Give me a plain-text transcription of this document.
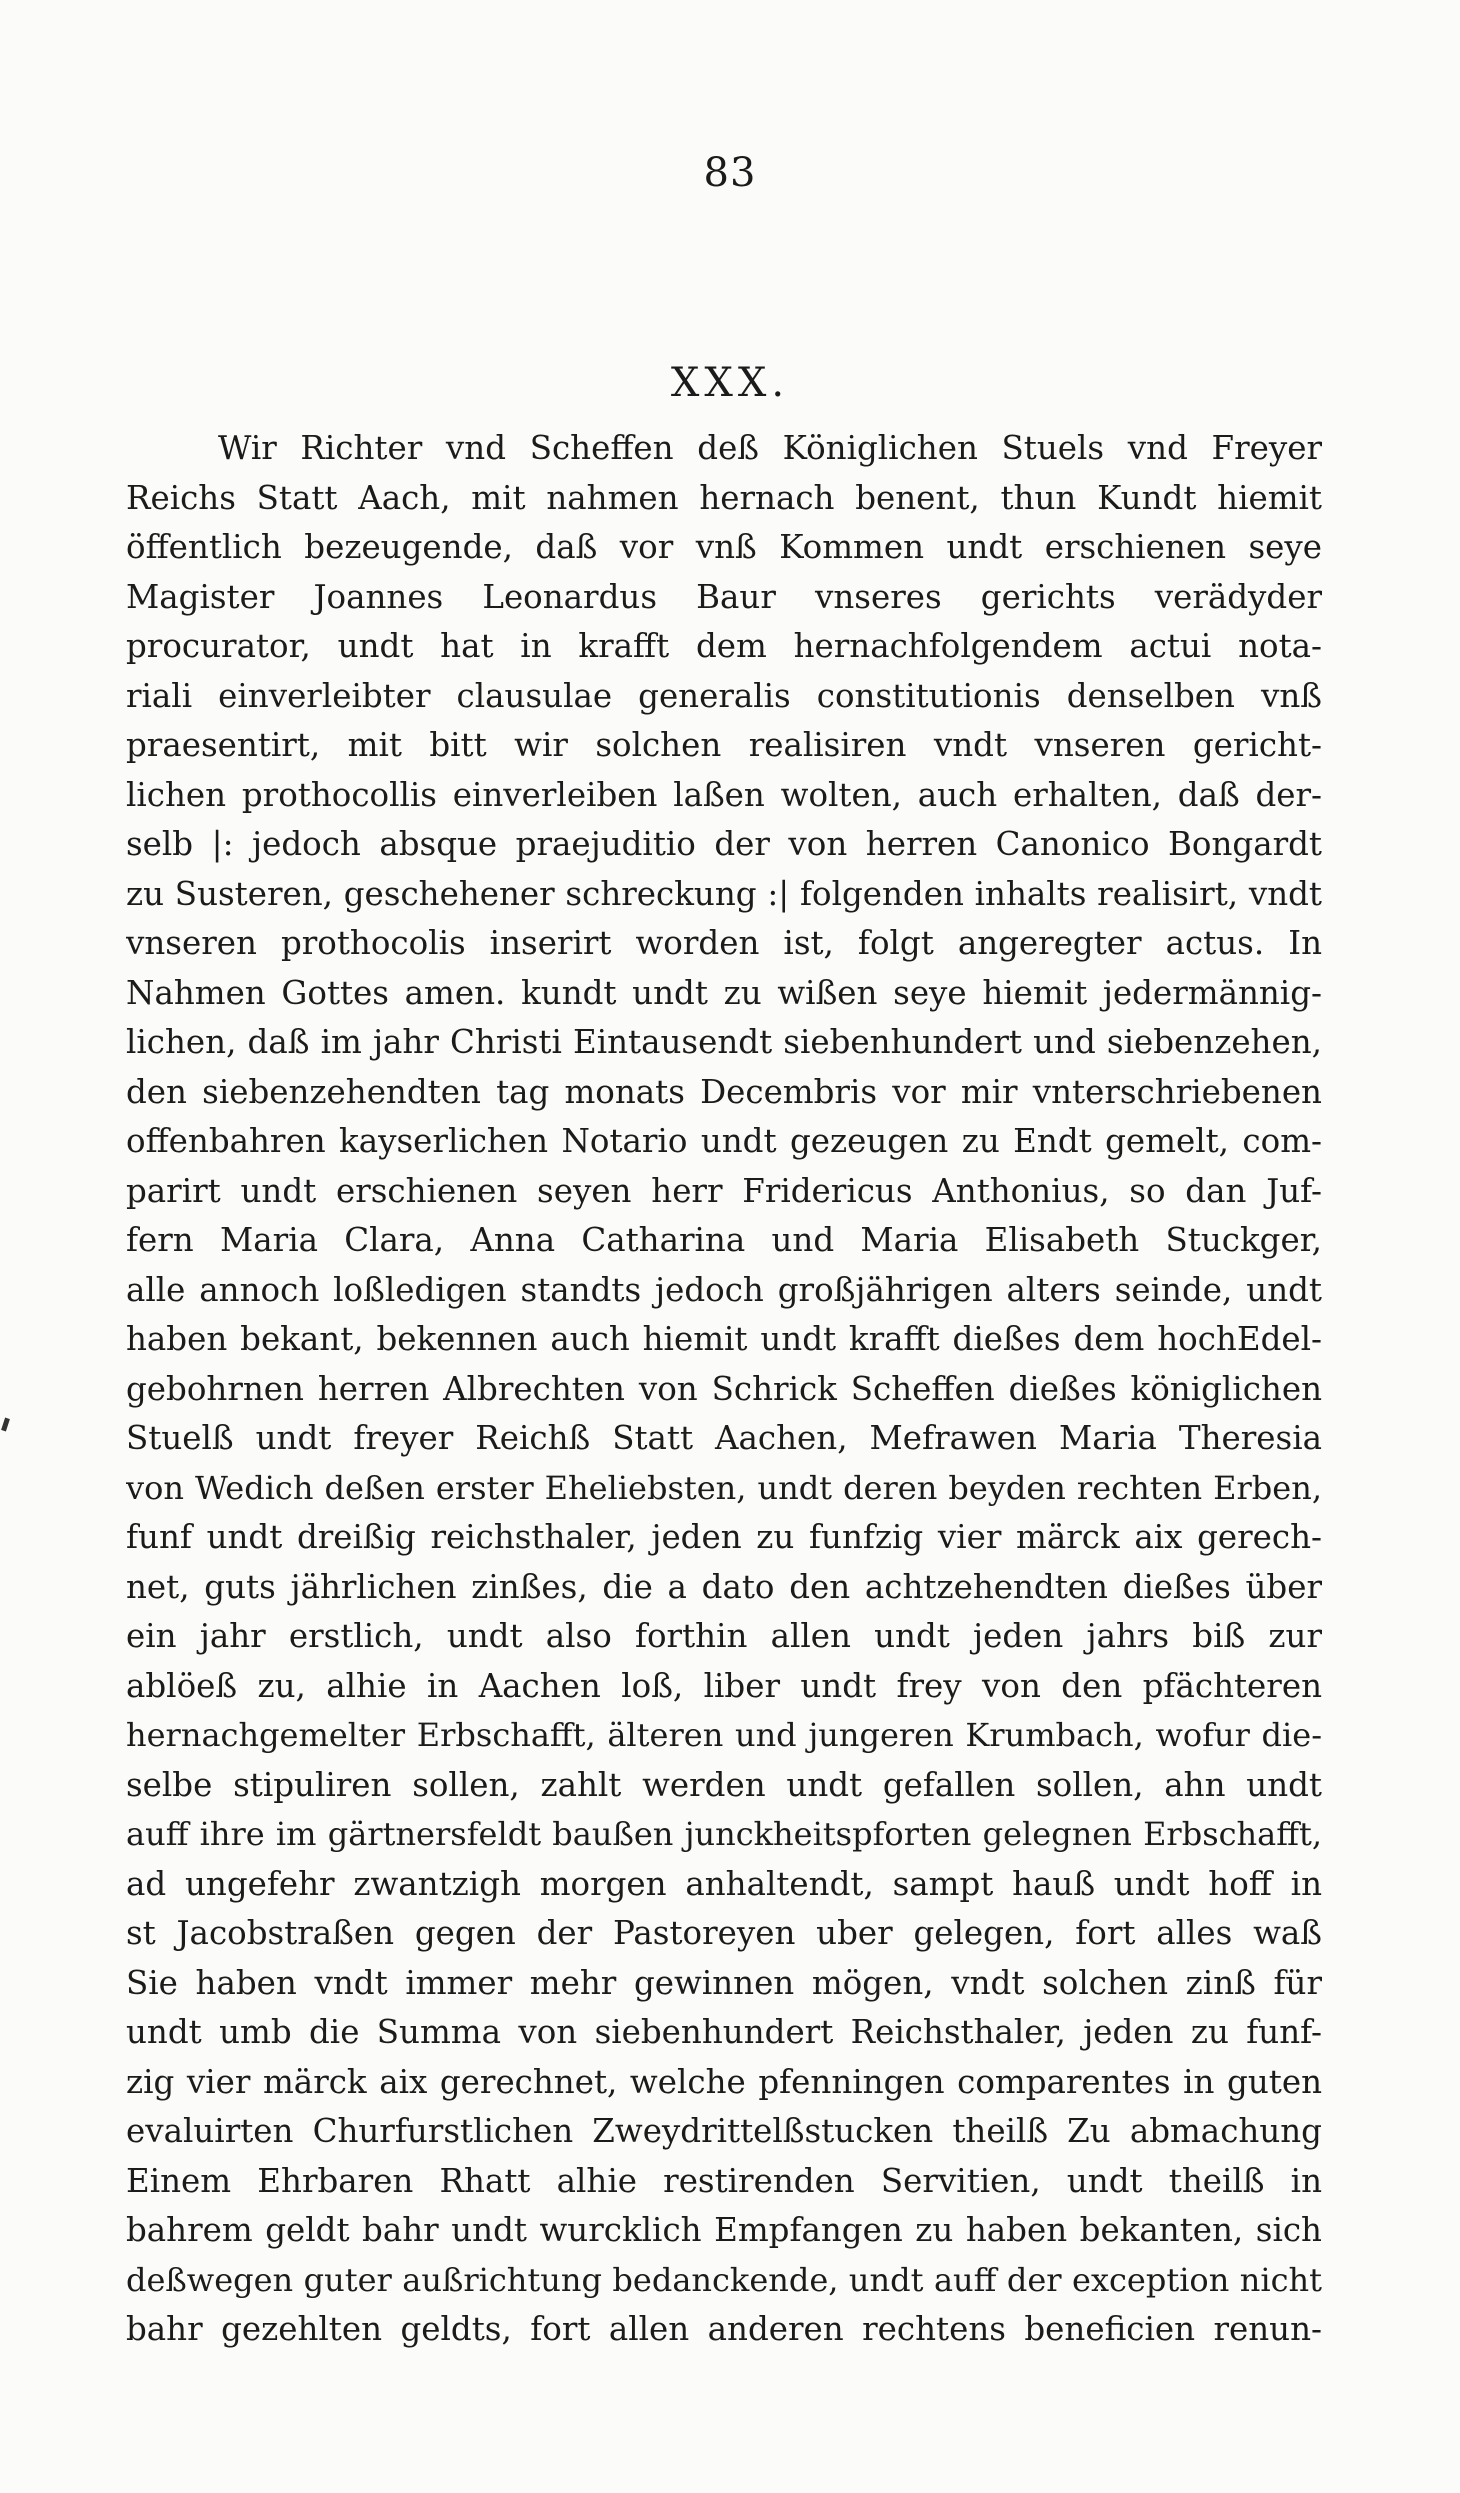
83
XXX.
Wir Richter vnd Scheffen deß Königlichen Stuels vnd Freyer
Reichs Statt Aach, mit nahmen hernach benent, thun Kundt hiemit
öffentlich bezeugende, daß vor vnß Kommen undt erschienen seye
Magister Joannes Leonardus Baur vnseres gerichts verädyder
procurator, undt hat in krafft dem hernachfolgendem actui nota-
riali einverleibter clausulae generalis constitutionis denselben vnß
praesentirt, mit bitt wir solchen realisiren vndt vnseren gericht-
lichen prothocollis einverleiben laßen wolten, auch erhalten, daß der-
selb |: jedoch absque praejuditio der von herren Canonico Bongardt
zu Susteren, geschehener schreckung :| folgenden inhalts realisirt, vndt
vnseren prothocolis inserirt worden ist, folgt angeregter actus. In
Nahmen Gottes amen. kundt undt zu wißen seye hiemit jedermännig-
lichen, daß im jahr Christi Eintausendt siebenhundert und siebenzehen,
den siebenzehendten tag monats Decembris vor mir vnterschriebenen
offenbahren kayserlichen Notario undt gezeugen zu Endt gemelt, com-
parirt undt erschienen seyen herr Fridericus Anthonius, so dan Juf-
fern Maria Clara, Anna Catharina und Maria Elisabeth Stuckger,
alle annoch loßledigen standts jedoch großjährigen alters seinde, undt
haben bekant, bekennen auch hiemit undt krafft dießes dem hochEdel-
gebohrnen herren Albrechten von Schrick Scheffen dießes königlichen
Stuelß undt freyer Reichß Statt Aachen, Mefrawen Maria Theresia
von Wedich deßen erster Eheliebsten, undt deren beyden rechten Erben,
funf undt dreißig reichsthaler, jeden zu funfzig vier märck aix gerech-
net, guts jährlichen zinßes, die a dato den achtzehendten dießes über
ein jahr erstlich, undt also forthin allen undt jeden jahrs biß zur
ablöeß zu, alhie in Aachen loß, liber undt frey von den pfächteren
hernachgemelter Erbschafft, älteren und jungeren Krumbach, wofur die-
selbe stipuliren sollen, zahlt werden undt gefallen sollen, ahn undt
auff ihre im gärtnersfeldt baußen junckheitspforten gelegnen Erbschafft,
ad ungefehr zwantzigh morgen anhaltendt, sampt hauß undt hoff in
st Jacobstraßen gegen der Pastoreyen uber gelegen, fort alles waß
Sie haben vndt immer mehr gewinnen mögen, vndt solchen zinß für
undt umb die Summa von siebenhundert Reichsthaler, jeden zu funf-
zig vier märck aix gerechnet, welche pfenningen comparentes in guten
evaluirten Churfurstlichen Zweydrittelßstucken theilß Zu abmachung
Einem Ehrbaren Rhatt alhie restirenden Servitien, undt theilß in
bahrem geldt bahr undt wurcklich Empfangen zu haben bekanten, sich
deßwegen guter außrichtung bedanckende, undt auff der exception nicht
bahr gezehlten geldts, fort allen anderen rechtens beneficien renun-
